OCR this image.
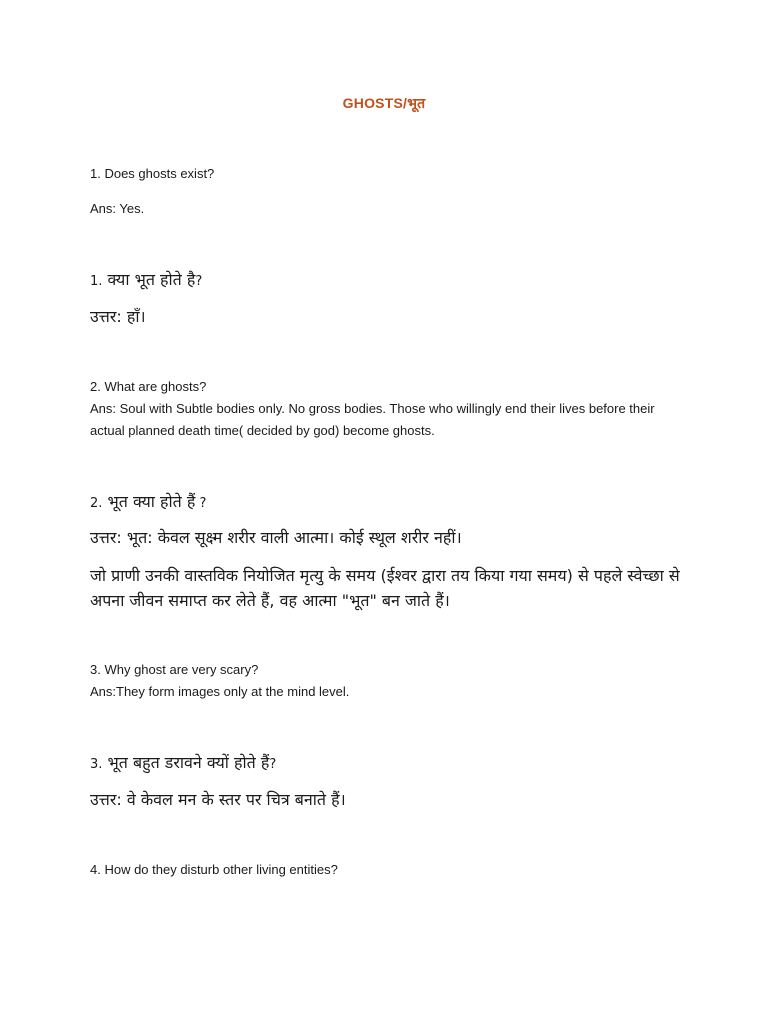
GHOSTS/भूत
1. Does ghosts exist?
Ans: Yes.
1. क्या भूत होते है?
उत्तर: हाँ।
2. What are ghosts?
Ans: Soul with Subtle bodies only. No gross bodies. Those who willingly end their lives before their actual planned death time( decided by god) become ghosts.
2. भूत क्या होते हैं ?
उत्तर: भूत: केवल सूक्ष्म शरीर वाली आत्मा। कोई स्थूल शरीर नहीं।
जो प्राणी उनकी वास्तविक नियोजित मृत्यु के समय (ईश्वर द्वारा तय किया गया समय) से पहले स्वेच्छा से अपना जीवन समाप्त कर लेते हैं, वह आत्मा "भूत" बन जाते हैं।
3. Why ghost are very scary?
Ans:They form images only at the mind level.
3. भूत बहुत डरावने क्यों होते हैं?
उत्तर: वे केवल मन के स्तर पर चित्र बनाते हैं।
4. How do they disturb other living entities?
